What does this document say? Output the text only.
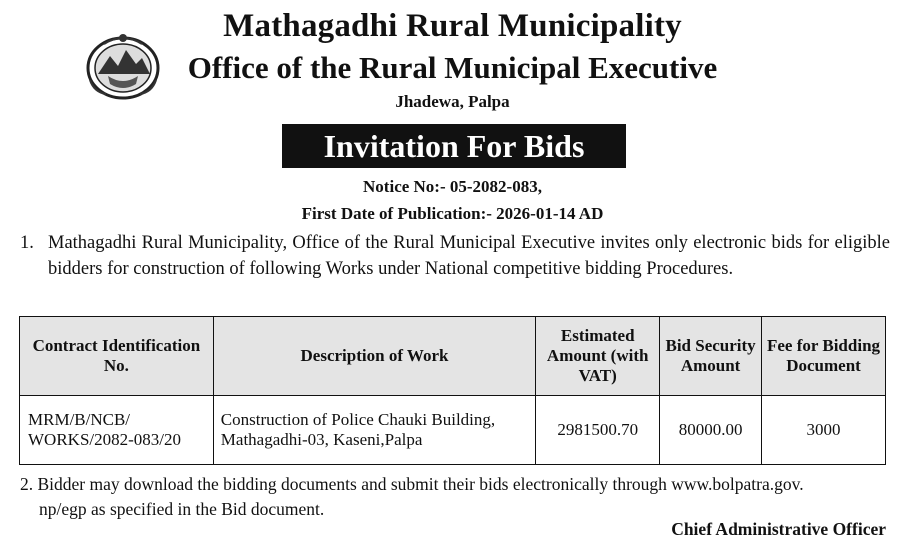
Mathagadhi Rural Municipality
Office of the Rural Municipal Executive
Jhadewa, Palpa
Invitation For Bids
Notice No:- 05-2082-083,
First Date of Publication:- 2026-01-14 AD
1. Mathagadhi Rural Municipality, Office of the Rural Municipal Executive invites only electronic bids for eligible bidders for construction of following Works under National competitive bidding Procedures.
Contract Identification No.	Description of Work	Estimated Amount (with VAT)	Bid Security Amount	Fee for Bidding Document
MRM/B/NCB/ WORKS/2082-083/20	Construction of Police Chauki Building, Mathagadhi-03, Kaseni,Palpa	2981500.70	80000.00	3000
2. Bidder may download the bidding documents and submit their bids electronically through www.bolpatra.gov.
np/egp as specified in the Bid document.
Chief Administrative Officer
